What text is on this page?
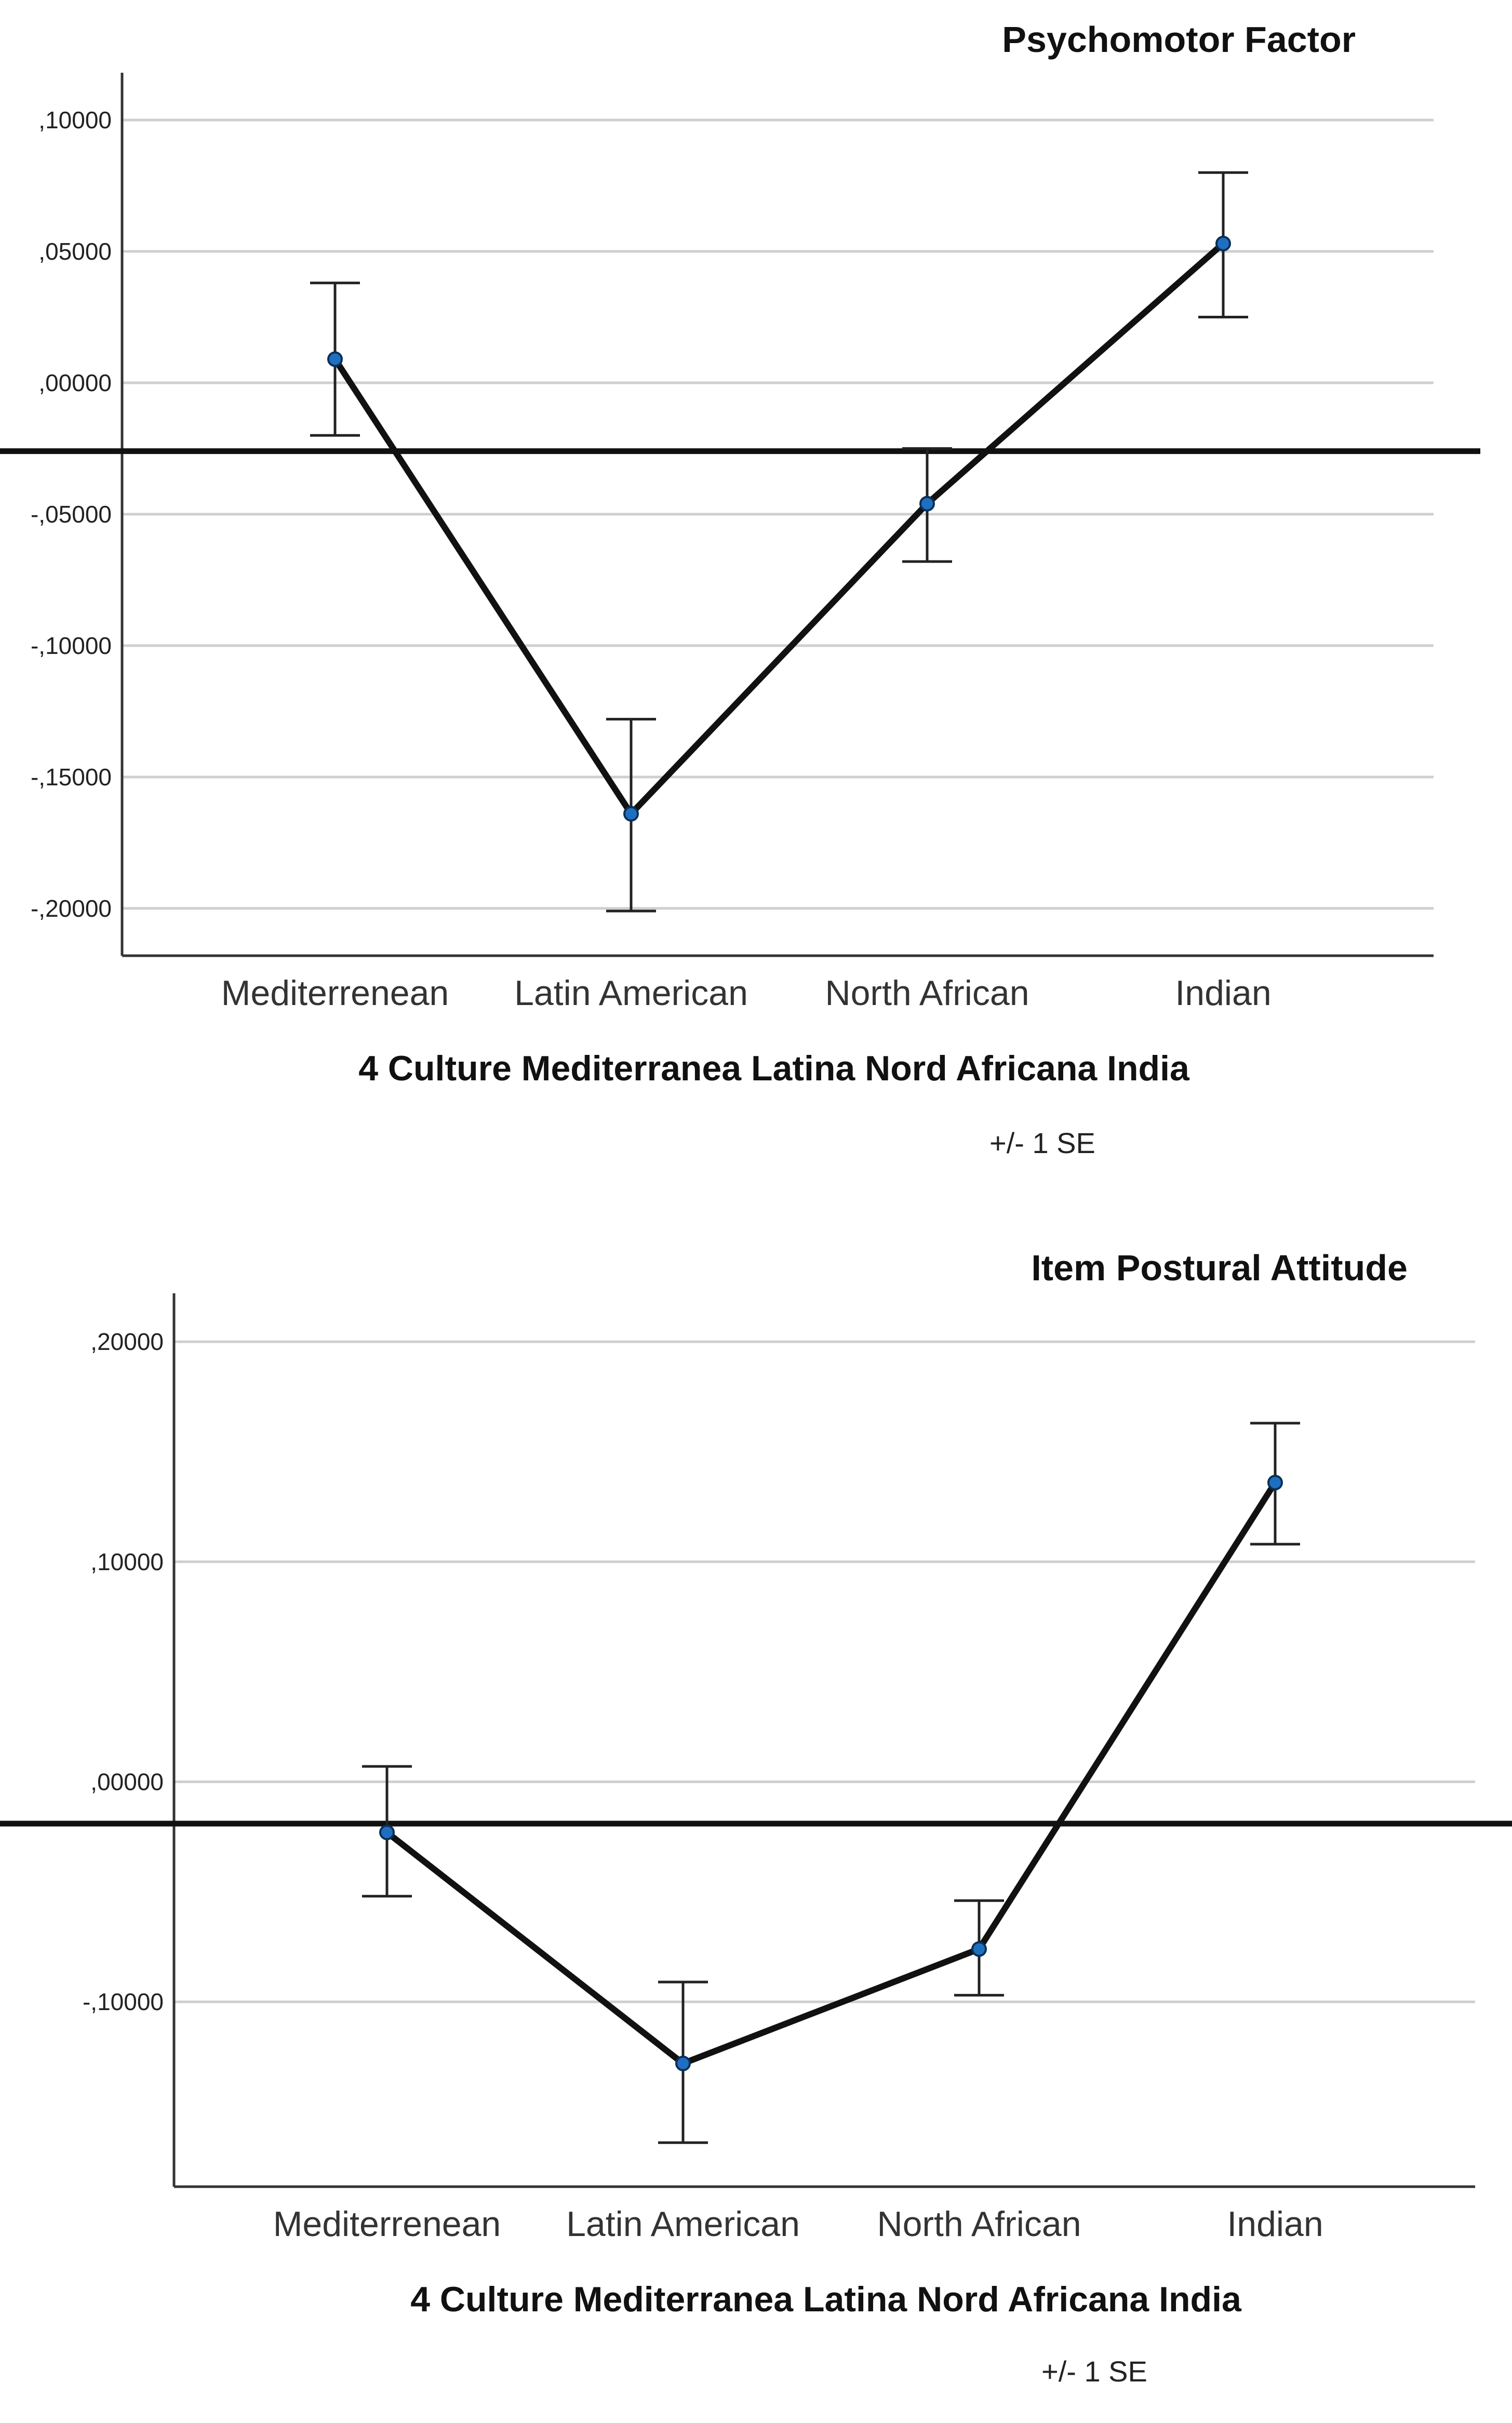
Psychomotor Factor
,10000
,05000
,00000
-,05000
-,10000
-,15000
-,20000
Mediterrenean Latin American North African	Indian
4 Culture Mediterranea Latina Nord Africana India
+/- 1 SE
Item Postural Attitude
,20000
,10000
,00000
-,10000
Mediterrenean Latin American North African	Indian
4 Culture Mediterranea Latina Nord Africana India
+/- 1 SE
